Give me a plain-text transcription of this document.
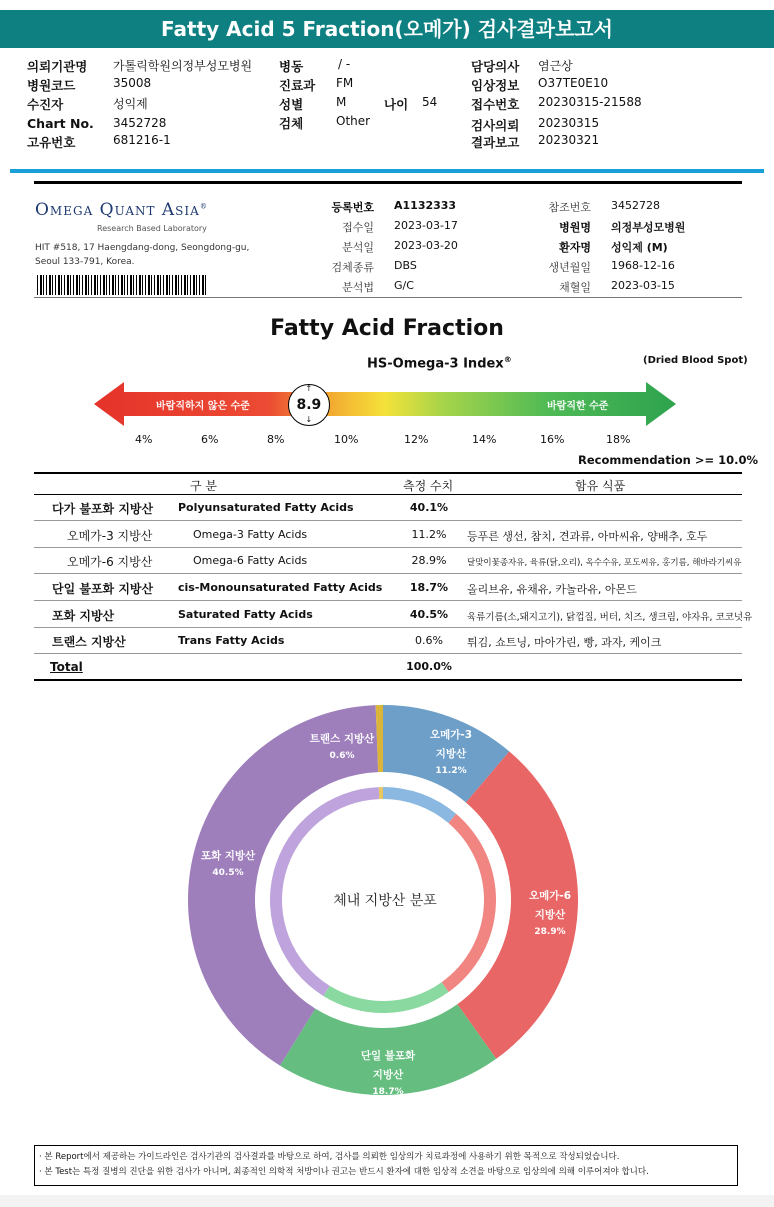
Fatty Acid 5 Fraction(오메가) 검사결과보고서
의뢰기관명 가톨릭학원의정부성모병원
병원코드	35008
수진자	성익제
Chart No. 3452728
고유번호	681216-1
병동	/ -
진료과 FM
성별	M	나이 54
검체	Other
담당의사 염근상
임상정보 O37TE0E10
접수번호 20230315-21588
검사의뢰 20230315
결과보고 20230321
Omega Quant Asia®
Research Based Laboratory
HIT #518, 17 Haengdang-dong, Seongdong-gu,
Seoul 133-791, Korea.
등록번호 A1132333
접수일 2023-03-17
분석일 2023-03-20
검체종류 DBS
분석법 G/C
참조번호 3452728
병원명 의정부성모병원
환자명 성익제 (M)
생년월일 1968-12-16
채혈일 2023-03-15
Fatty Acid Fraction
HS-Omega-3 Index®	(Dried Blood Spot)
바람직하지 않은 수준	바람직한 수준
↑
8.9
↓
4%	6%	8%	10%	12%	14%	16%	18%
Recommendation >= 10.0%
구 분	측정 수치	함유 식품
다가 불포화 지방산 Polyunsaturated Fatty Acids	40.1%
오메가-3 지방산	Omega-3 Fatty Acids	11.2%	등푸른 생선, 참치, 견과류, 아마씨유, 양배추, 호두
오메가-6 지방산	Omega-6 Fatty Acids	28.9%	달맞이꽃종자유, 육류(닭,오리), 옥수수유, 포도씨유, 홍기름, 해바라기씨유
단일 불포화 지방산 cis-Monounsaturated Fatty Acids	18.7%	올리브유, 유채유, 카놀라유, 아몬드
포화 지방산	Saturated Fatty Acids	40.5%	육류기름(소,돼지고기), 닭껍질, 버터, 치즈, 생크림, 야자유, 코코넛유
트랜스 지방산	Trans Fatty Acids	0.6%	튀김, 쇼트닝, 마아가린, 빵, 과자, 케이크
Total	100.0%
오메가-3
지방산
11.2%
오메가-6
지방산
28.9%
단일 불포화
지방산
18.7%
포화 지방산
40.5%
트랜스 지방산
0.6%
체내 지방산 분포
· 본 Report에서 제공하는 가이드라인은 검사기관의 검사결과를 바탕으로 하여, 검사를 의뢰한 임상의가 치료과정에 사용하기 위한 목적으로 작성되었습니다.
· 본 Test는 특정 질병의 진단을 위한 검사가 아니며, 최종적인 의학적 처방이나 권고는 반드시 환자에 대한 임상적 소견을 바탕으로 임상의에 의해 이루어져야 합니다.
